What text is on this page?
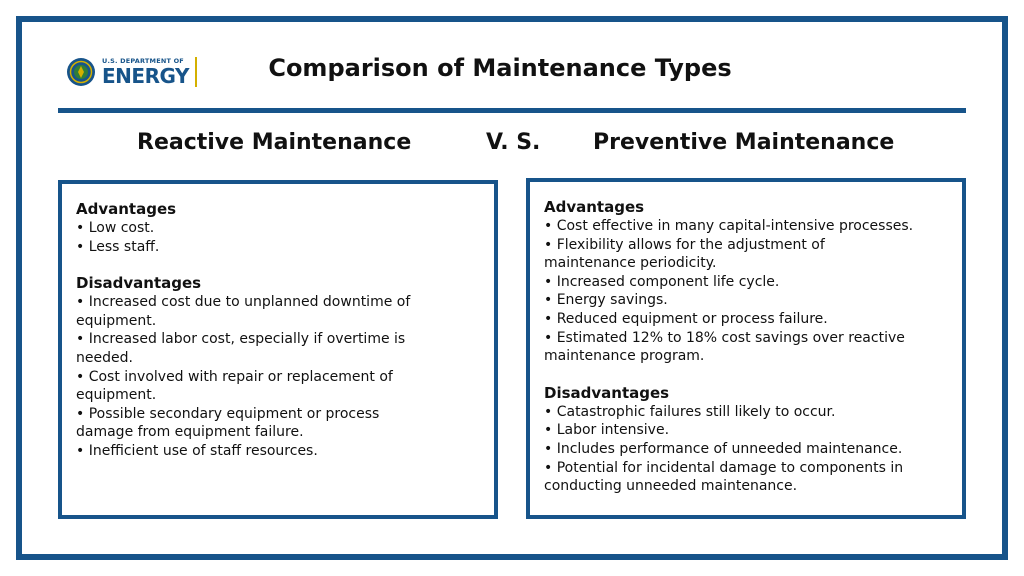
U.S. DEPARTMENT OF
ENERGY	Comparison of Maintenance Types
Reactive Maintenance	V. S. Preventive Maintenance
Advantages
• Low cost.
• Less staff.
Disadvantages
• Increased cost due to unplanned downtime of
equipment.
• Increased labor cost, especially if overtime is
needed.
• Cost involved with repair or replacement of
equipment.
• Possible secondary equipment or process
damage from equipment failure.
• Inefficient use of staff resources.
Advantages
• Cost effective in many capital-intensive processes.
• Flexibility allows for the adjustment of
maintenance periodicity.
• Increased component life cycle.
• Energy savings.
• Reduced equipment or process failure.
• Estimated 12% to 18% cost savings over reactive
maintenance program.
Disadvantages
• Catastrophic failures still likely to occur.
• Labor intensive.
• Includes performance of unneeded maintenance.
• Potential for incidental damage to components in
conducting unneeded maintenance.
